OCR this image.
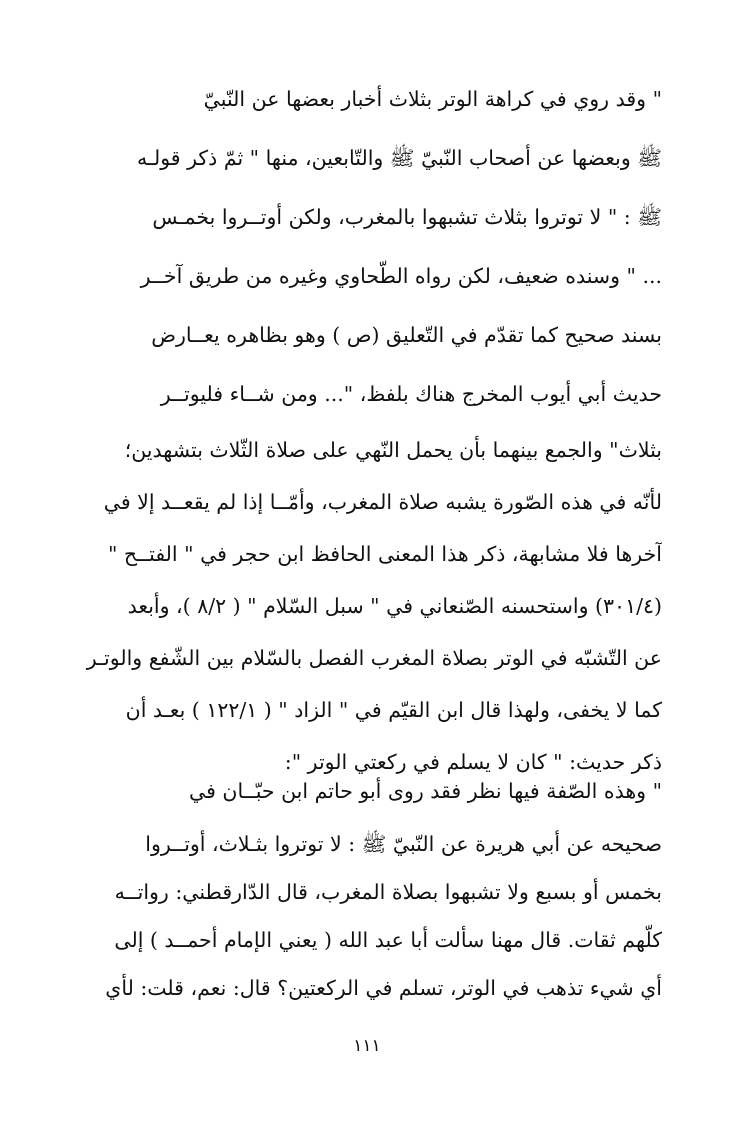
" وقد روي في كراهة الوتر بثلاث أخبار بعضها عن النّبيّ
ﷺ وبعضها عن أصحاب النّبيّ ﷺ والتّابعين، منها " ثمّ ذكر قولـه
ﷺ : " لا توتروا بثلاث تشبهوا بالمغرب، ولكن أوتــروا بخمـس
... " وسنده ضعيف، لكن رواه الطّحاوي وغيره من طريق آخــر
بسند صحيح كما تقدّم في التّعليق (ص ) وهو بظاهره يعــارض
حديث أبي أيوب المخرج هناك بلفظ، "... ومن شــاء فليوتــر
بثلاث" والجمع بينهما بأن يحمل النّهي على صلاة الثّلاث بتشهدين؛
لأنّه في هذه الصّورة يشبه صلاة المغرب، وأمّــا إذا لم يقعــد إلا في
آخرها فلا مشابهة، ذكر هذا المعنى الحافظ ابن حجر في " الفتــح "
(٣٠١/٤) واستحسنه الصّنعاني في " سبل السّلام " ( ٨/٢ )، وأبعد
عن التّشبّه في الوتر بصلاة المغرب الفصل بالسّلام بين الشّفع والوتـر
كما لا يخفى، ولهذا قال ابن القيّم في " الزاد " ( ١٢٢/١ ) بعـد أن
ذكر حديث: " كان لا يسلم في ركعتي الوتر ":
" وهذه الصّفة فيها نظر فقد روى أبو حاتم ابن حبّــان في
صحيحه عن أبي هريرة عن النّبيّ ﷺ : لا توتروا بثـلاث، أوتــروا
بخمس أو بسبع ولا تشبهوا بصلاة المغرب، قال الدّارقطني: رواتــه
كلّهم ثقات. قال مهنا سألت أبا عبد الله ( يعني الإمام أحمــد ) إلى
أي شيء تذهب في الوتر، تسلم في الركعتين؟ قال: نعم، قلت: لأي
١١١
